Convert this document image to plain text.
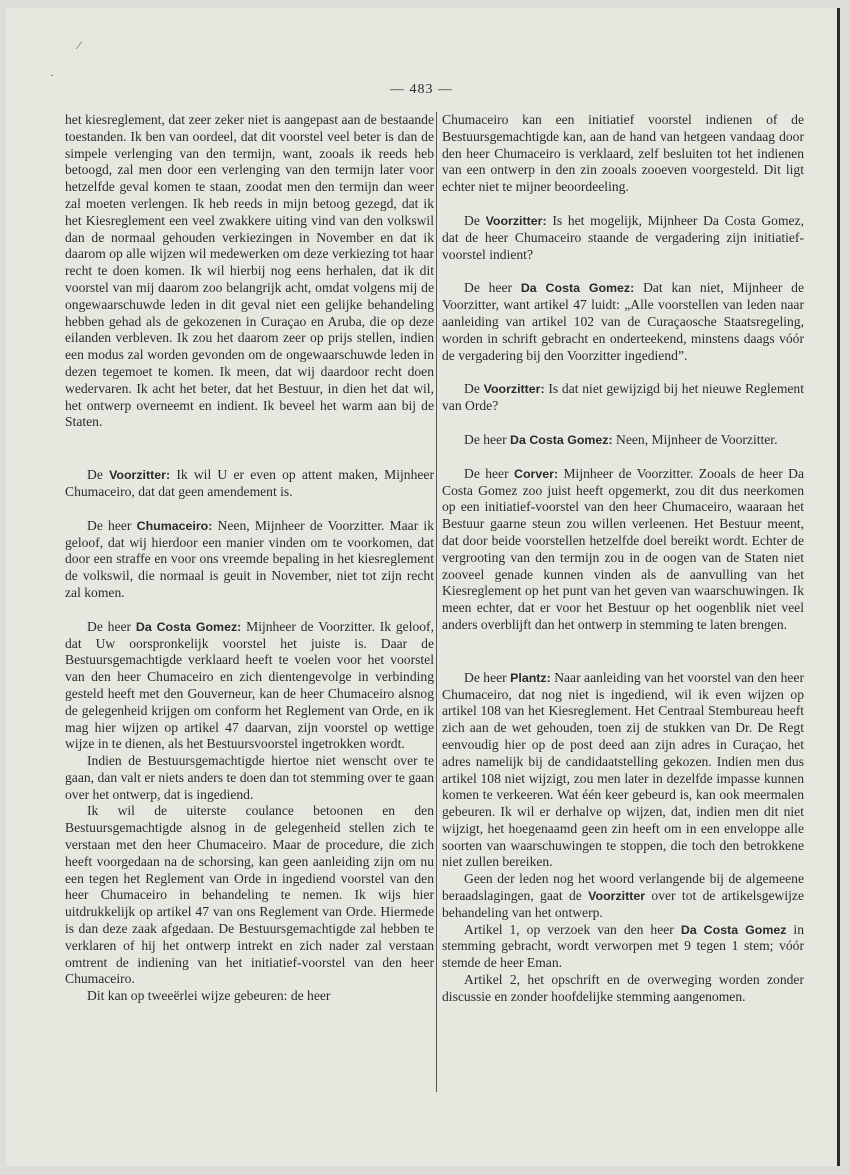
⁄
·
— 483 —

het kiesreglement, dat zeer zeker niet is aangepast aan de bestaande toestanden. Ik ben van oordeel, dat dit voorstel veel beter is dan de simpele verlenging van den termijn, want, zooals ik reeds heb betoogd, zal men door een verlenging van den termijn later voor hetzelfde geval komen te staan, zoodat men den termijn dan weer zal moeten verlengen. Ik heb reeds in mijn betoog gezegd, dat ik het Kiesreglement een veel zwakkere uiting vind van den volkswil dan de normaal gehouden verkiezingen in November en dat ik daarom op alle wijzen wil medewerken om deze verkiezing tot haar recht te doen komen. Ik wil hierbij nog eens herhalen, dat ik dit voorstel van mij daarom zoo belangrijk acht, omdat volgens mij de ongewaarschuwde leden in dit geval niet een gelijke behandeling hebben gehad als de gekozenen in Curaçao en Aruba, die op deze eilanden verbleven. Ik zou het daarom zeer op prijs stellen, indien een modus zal worden gevonden om de ongewaarschuwde leden in dezen tegemoet te komen. Ik meen, dat wij daardoor recht doen wedervaren. Ik acht het beter, dat het Bestuur, in dien het dat wil, het ontwerp overneemt en indient. Ik beveel het warm aan bij de Staten.

De Voorzitter: Ik wil U er even op attent maken, Mijnheer Chumaceiro, dat dat geen amendement is.

De heer Chumaceiro: Neen, Mijnheer de Voorzitter. Maar ik geloof, dat wij hierdoor een manier vinden om te voorkomen, dat door een straffe en voor ons vreemde bepaling in het kiesreglement de volkswil, die normaal is geuit in November, niet tot zijn recht zal komen.

De heer Da Costa Gomez: Mijnheer de Voorzitter. Ik geloof, dat Uw oorspronkelijk voorstel het juiste is. Daar de Bestuursgemachtigde verklaard heeft te voelen voor het voorstel van den heer Chumaceiro en zich dientengevolge in verbinding gesteld heeft met den Gouverneur, kan de heer Chumaceiro alsnog de gelegenheid krijgen om conform het Reglement van Orde, en ik mag hier wijzen op artikel 47 daarvan, zijn voorstel op wettige wijze in te dienen, als het Bestuursvoorstel ingetrokken wordt.

Indien de Bestuursgemachtigde hiertoe niet wenscht over te gaan, dan valt er niets anders te doen dan tot stemming over te gaan over het ontwerp, dat is ingediend.

Ik wil de uiterste coulance betoonen en den Bestuursgemachtigde alsnog in de gelegenheid stellen zich te verstaan met den heer Chumaceiro. Maar de procedure, die zich heeft voorgedaan na de schorsing, kan geen aanleiding zijn om nu een tegen het Reglement van Orde in ingediend voorstel van den heer Chumaceiro in behandeling te nemen. Ik wijs hier uitdrukkelijk op artikel 47 van ons Reglement van Orde. Hiermede is dan deze zaak afgedaan. De Bestuursgemachtigde zal hebben te verklaren of hij het ontwerp intrekt en zich nader zal verstaan omtrent de indiening van het initiatief-voorstel van den heer Chumaceiro.

Dit kan op tweeërlei wijze gebeuren: de heer

Chumaceiro kan een initiatief voorstel indienen of de Bestuursgemachtigde kan, aan de hand van hetgeen vandaag door den heer Chumaceiro is verklaard, zelf besluiten tot het indienen van een ontwerp in den zin zooals zooeven voorgesteld. Dit ligt echter niet te mijner beoordeeling.

De Voorzitter: Is het mogelijk, Mijnheer Da Costa Gomez, dat de heer Chumaceiro staande de vergadering zijn initiatief-voorstel indient?

De heer Da Costa Gomez: Dat kan niet, Mijnheer de Voorzitter, want artikel 47 luidt: „Alle voorstellen van leden naar aanleiding van artikel 102 van de Curaçaosche Staatsregeling, worden in schrift gebracht en onderteekend, minstens daags vóór de vergadering bij den Voorzitter ingediend”.

De Voorzitter: Is dat niet gewijzigd bij het nieuwe Reglement van Orde?

De heer Da Costa Gomez: Neen, Mijnheer de Voorzitter.

De heer Corver: Mijnheer de Voorzitter. Zooals de heer Da Costa Gomez zoo juist heeft opgemerkt, zou dit dus neerkomen op een initiatief-voorstel van den heer Chumaceiro, waaraan het Bestuur gaarne steun zou willen verleenen. Het Bestuur meent, dat door beide voorstellen hetzelfde doel bereikt wordt. Echter de vergrooting van den termijn zou in de oogen van de Staten niet zooveel genade kunnen vinden als de aanvulling van het Kiesreglement op het punt van het geven van waarschuwingen. Ik meen echter, dat er voor het Bestuur op het oogenblik niet veel anders overblijft dan het ontwerp in stemming te laten brengen.

De heer Plantz: Naar aanleiding van het voorstel van den heer Chumaceiro, dat nog niet is ingediend, wil ik even wijzen op artikel 108 van het Kiesreglement. Het Centraal Stembureau heeft zich aan de wet gehouden, toen zij de stukken van Dr. De Regt eenvoudig hier op de post deed aan zijn adres in Curaçao, het adres namelijk bij de candidaatstelling gekozen. Indien men dus artikel 108 niet wijzigt, zou men later in dezelfde impasse kunnen komen te verkeeren. Wat één keer gebeurd is, kan ook meermalen gebeuren. Ik wil er derhalve op wijzen, dat, indien men dit niet wijzigt, het hoegenaamd geen zin heeft om in een enveloppe alle soorten van waarschuwingen te stoppen, die toch den betrokkene niet zullen bereiken.

Geen der leden nog het woord verlangende bij de algemeene beraadslagingen, gaat de Voorzitter over tot de artikelsgewijze behandeling van het ontwerp.

Artikel 1, op verzoek van den heer Da Costa Gomez in stemming gebracht, wordt verworpen met 9 tegen 1 stem; vóór stemde de heer Eman.

Artikel 2, het opschrift en de overweging worden zonder discussie en zonder hoofdelijke stemming aangenomen.
